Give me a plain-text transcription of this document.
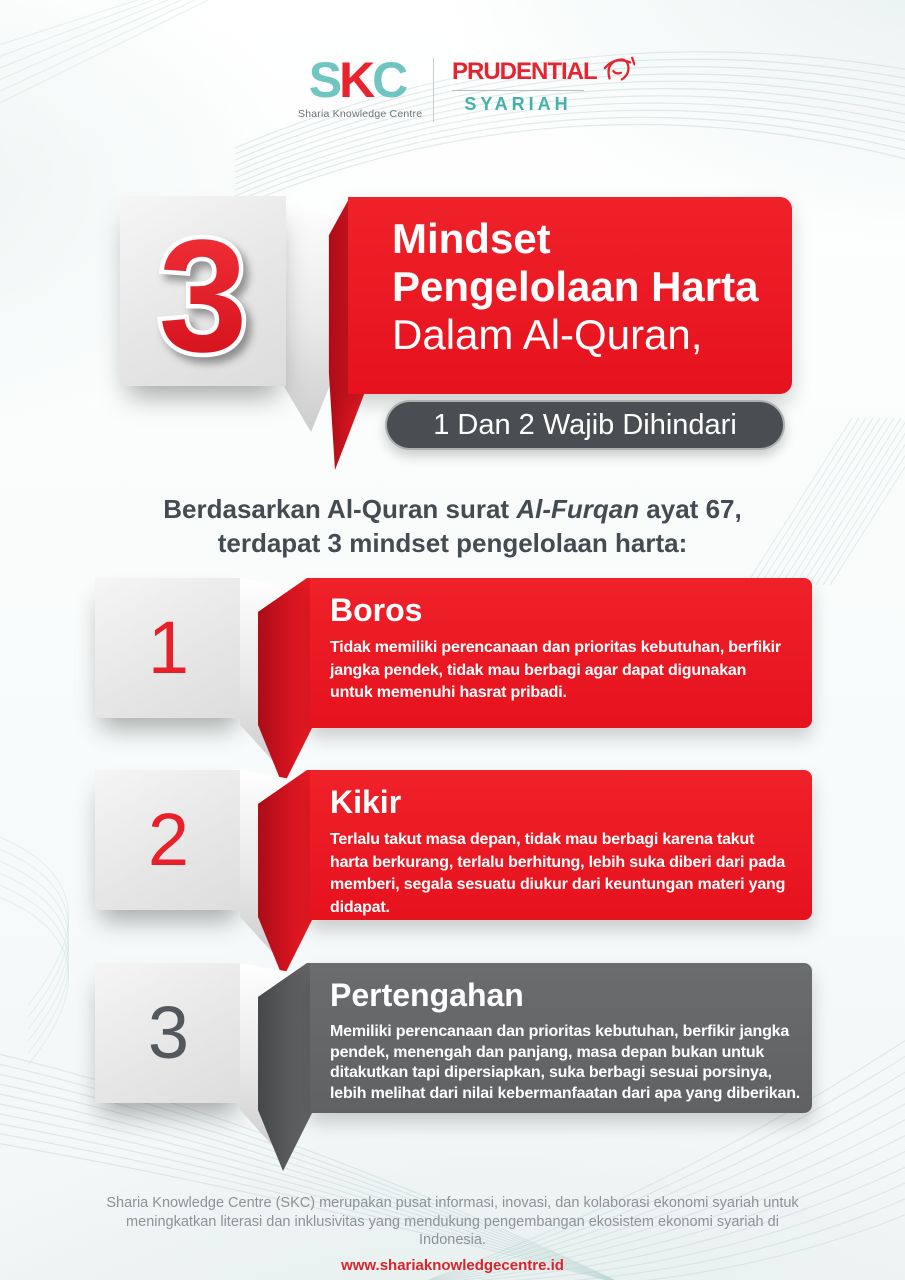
SKC
Sharia Knowledge Centre
PRUDENTIAL
SYARIAH
3	Mindset
Pengelolaan Harta
Dalam Al-Quran,
1 Dan 2 Wajib Dihindari
Berdasarkan Al-Quran surat Al-Furqan ayat 67,
terdapat 3 mindset pengelolaan harta:
1	Boros

Tidak memiliki perencanaan dan prioritas kebutuhan, berfikir jangka pendek, tidak mau berbagi agar dapat digunakan untuk memenuhi hasrat pribadi.

2	Kikir

Terlalu takut masa depan, tidak mau berbagi karena takut harta berkurang, terlalu berhitung, lebih suka diberi dari pada memberi, segala sesuatu diukur dari keuntungan materi yang didapat.

3	Pertengahan

Memiliki perencanaan dan prioritas kebutuhan, berfikir jangka pendek, menengah dan panjang, masa depan bukan untuk ditakutkan tapi dipersiapkan, suka berbagi sesuai porsinya, lebih melihat dari nilai kebermanfaatan dari apa yang diberikan.

Sharia Knowledge Centre (SKC) merupakan pusat informasi, inovasi, dan kolaborasi ekonomi syariah untuk meningkatkan literasi dan inklusivitas yang mendukung pengembangan ekosistem ekonomi syariah di Indonesia.

www.shariaknowledgecentre.id
